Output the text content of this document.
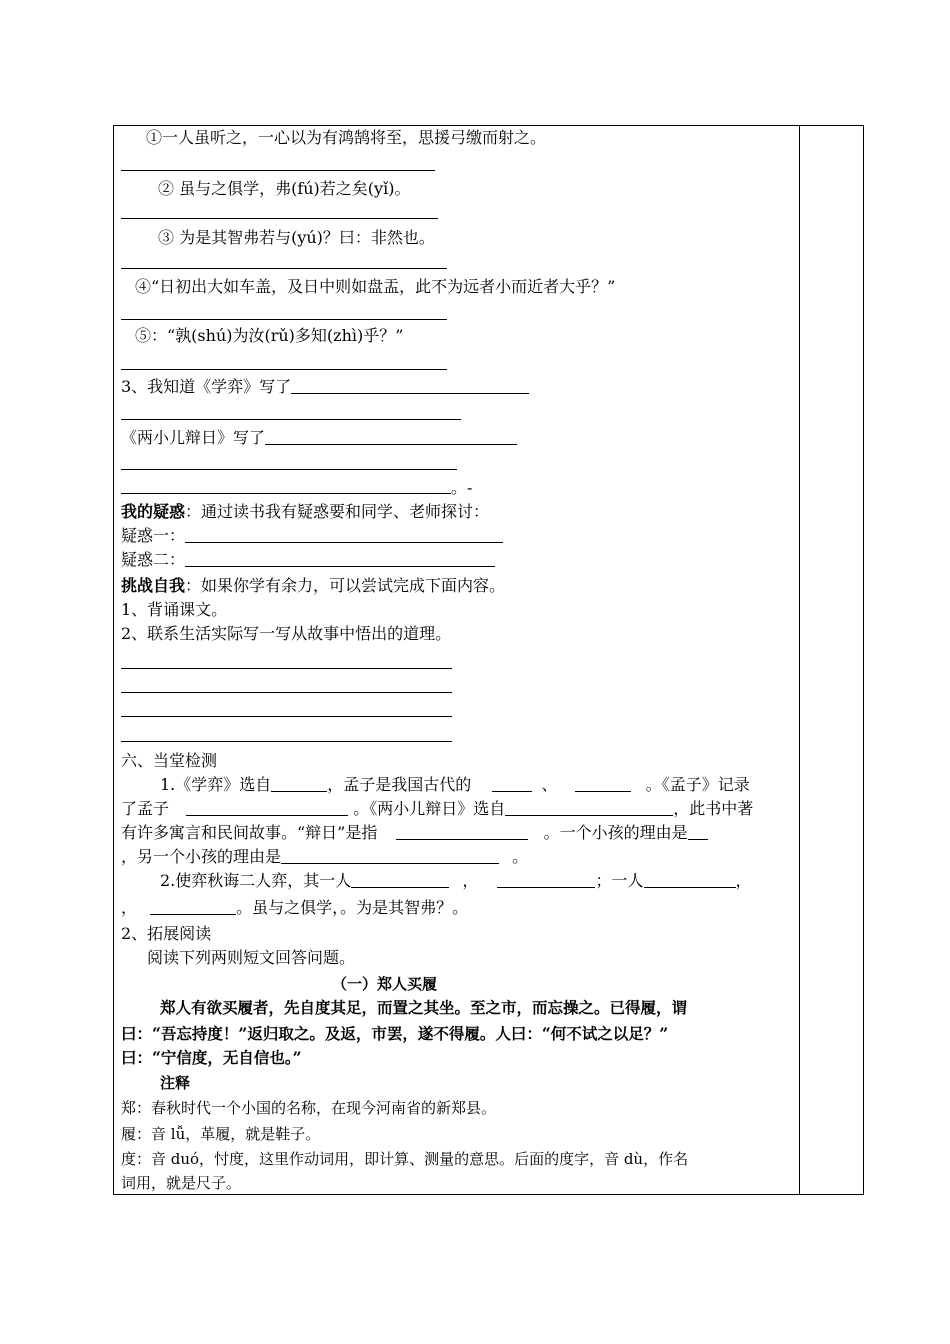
①一人虽听之，一心以为有鸿鹄将至，思援弓缴而射之。
② 虽与之俱学，弗(fú)若之矣(yǐ)。
③ 为是其智弗若与(yú)？曰：非然也。
④“日初出大如车盖，及日中则如盘盂，此不为远者小而近者大乎？”
⑤：“孰(shú)为汝(rǔ)多知(zhì)乎？”
3、我知道《学弈》写了
《两小儿辩日》写了
。-
我的疑惑：通过读书我有疑惑要和同学、老师探讨：
疑惑一：
疑惑二：
挑战自我：如果你学有余力，可以尝试完成下面内容。
1、背诵课文。
2、联系生活实际写一写从故事中悟出的道理。
六、当堂检测
1.《学弈》选自	，孟子是我国古代的	、	。《孟子》记录
了孟子	。《两小儿辩日》选自	，此书中著
有许多寓言和民间故事。“辩日”是指	。一个小孩的理由是
，另一个小孩的理由是	。
2.使弈秋诲二人弈，其一人	，	；一人	，
，	。虽与之俱学，。为是其智弗？。
2、拓展阅读
阅读下列两则短文回答问题。
（一）郑人买履
郑人有欲买履者，先自度其足，而置之其坐。至之市，而忘操之。已得履，谓
曰：“吾忘持度！”返归取之。及返，市罢，遂不得履。人曰：“何不试之以足？”
曰：“宁信度，无自信也。”
注释
郑：春秋时代一个小国的名称，在现今河南省的新郑县。
履：音 lǚ，革履，就是鞋子。
度：音 duó，忖度，这里作动词用，即计算、测量的意思。后面的度字，音 dù，作名
词用，就是尺子。
